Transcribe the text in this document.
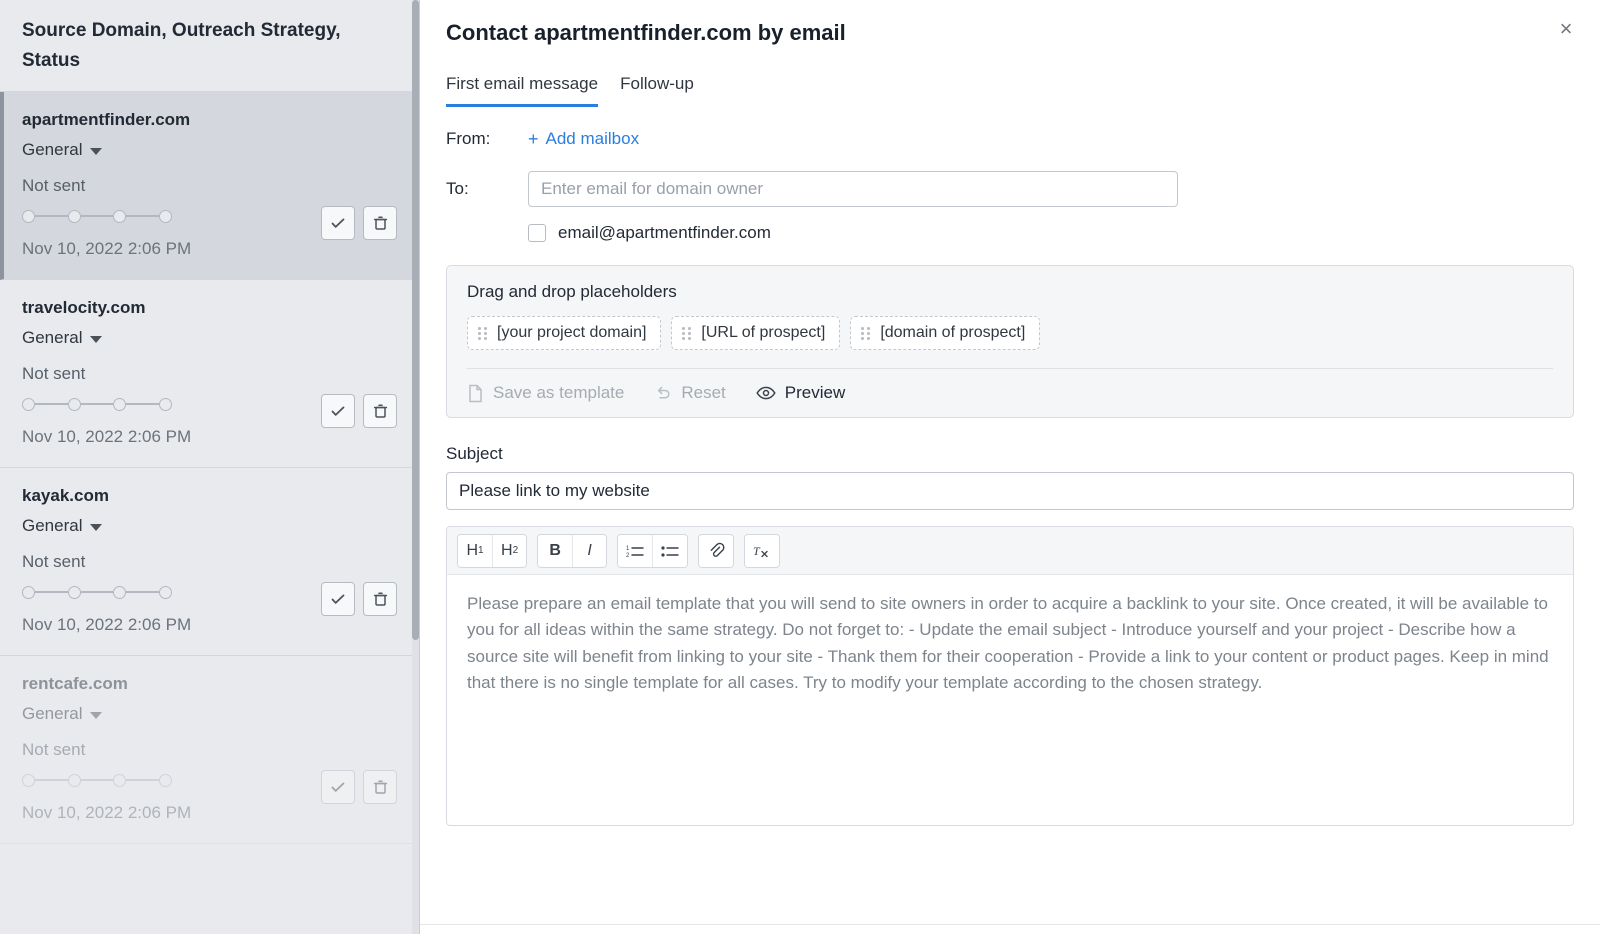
Source Domain, Outreach Strategy, Status
apartmentfinder.com
General
Not sent
Nov 10, 2022 2:06 PM
travelocity.com
General
Not sent
Nov 10, 2022 2:06 PM
kayak.com
General
Not sent
Nov 10, 2022 2:06 PM
rentcafe.com
General
Not sent
Nov 10, 2022 2:06 PM
Contact apartmentfinder.com by email	×
First email message Follow-up
From:	+ Add mailbox
To:
Enter email for domain owner
email@apartmentfinder.com
Drag and drop placeholders
[your project domain]	[URL of prospect]	[domain of prospect]
Save as template	Reset	Preview
Subject
Please link to my website
H 1	H 2 B I	1
2	T
Please prepare an email template that you will send to site owners in order to acquire a backlink to your site. Once created, it will be available to you for all ideas within the same strategy. Do not forget to: - Update the email subject - Introduce yourself and your project - Describe how a source site will benefit from linking to your site - Thank them for their cooperation - Provide a link to your content or product pages. Keep in mind that there is no single template for all cases. Try to modify your template according to the chosen strategy.
